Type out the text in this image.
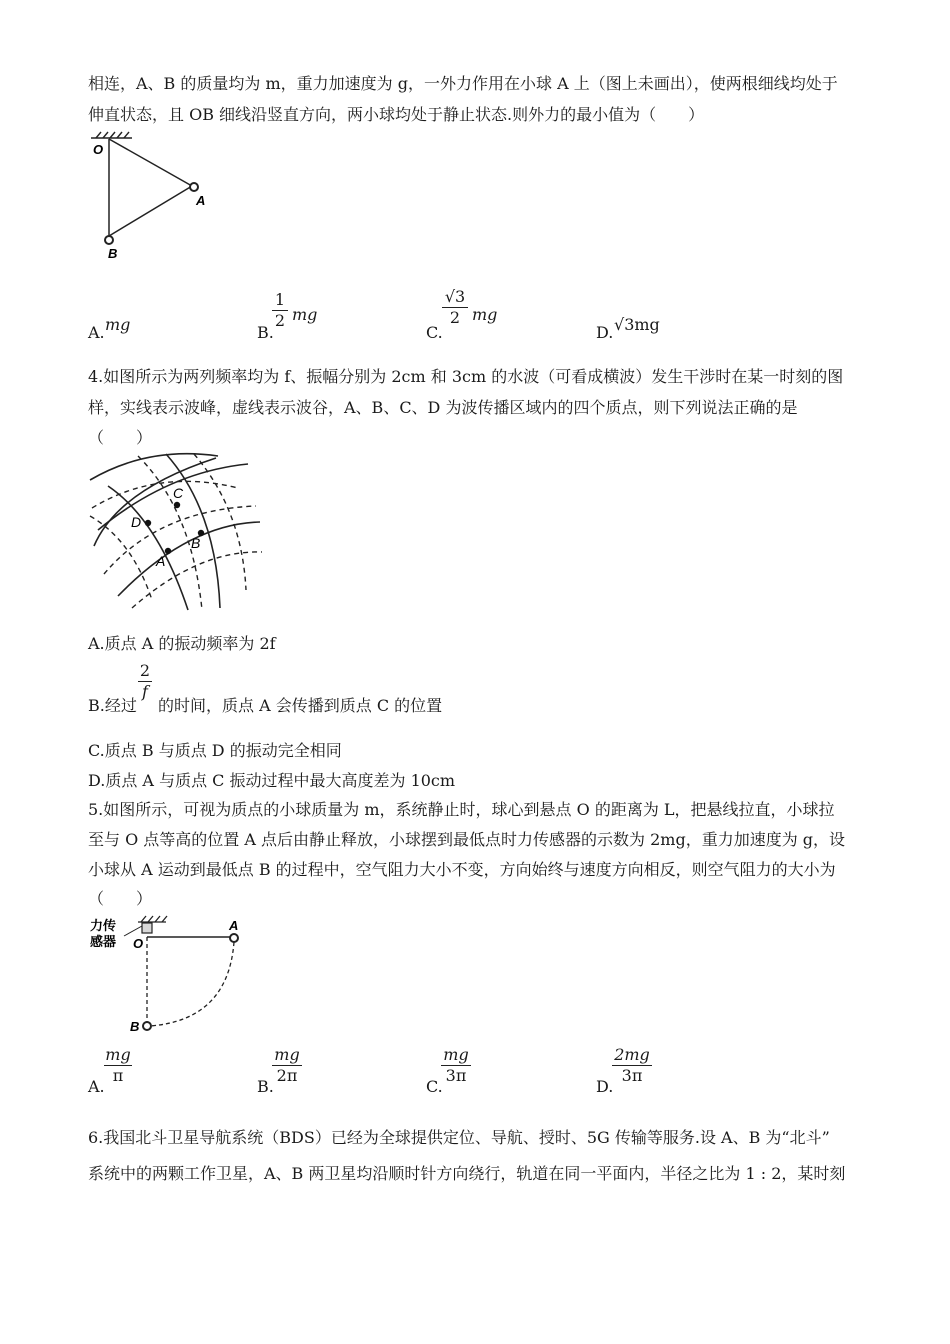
相连，A、B 的质量均为 m，重力加速度为 g，一外力作用在小球 A 上（图上未画出），使两根细线均处于
伸直状态，且 OB 细线沿竖直方向，两小球均处于静止状态.则外力的最小值为（　　）
O
A
B
A. mg	B.
1
2 mg
C.
√3
2 mg
D. √3mg
4.如图所示为两列频率均为 f、振幅分别为 2cm 和 3cm 的水波（可看成横波）发生干涉时在某一时刻的图
样，实线表示波峰，虚线表示波谷，A、B、C、D 为波传播区域内的四个质点，则下列说法正确的是
（　　）
D
C
B
A
A.质点 A 的振动频率为 2f
2
f
B.经过 的时间，质点 A 会传播到质点 C 的位置
C.质点 B 与质点 D 的振动完全相同
D.质点 A 与质点 C 振动过程中最大高度差为 10cm
5.如图所示，可视为质点的小球质量为 m，系统静止时，球心到悬点 O 的距离为 L，把悬线拉直，小球拉
至与 O 点等高的位置 A 点后由静止释放，小球摆到最低点时力传感器的示数为 2mg，重力加速度为 g，设
小球从 A 运动到最低点 B 的过程中，空气阻力大小不变，方向始终与速度方向相反，则空气阻力的大小为
（　　）
力传
感器 O
A
B
A.
mg
π
B.
mg
2π
C.
mg
3π
D.
2mg
3π
6.我国北斗卫星导航系统（BDS）已经为全球提供定位、导航、授时、5G 传输等服务.设 A、B 为“北斗”
系统中的两颗工作卫星，A、B 两卫星均沿顺时针方向绕行，轨道在同一平面内，半径之比为 1 : 2，某时刻
